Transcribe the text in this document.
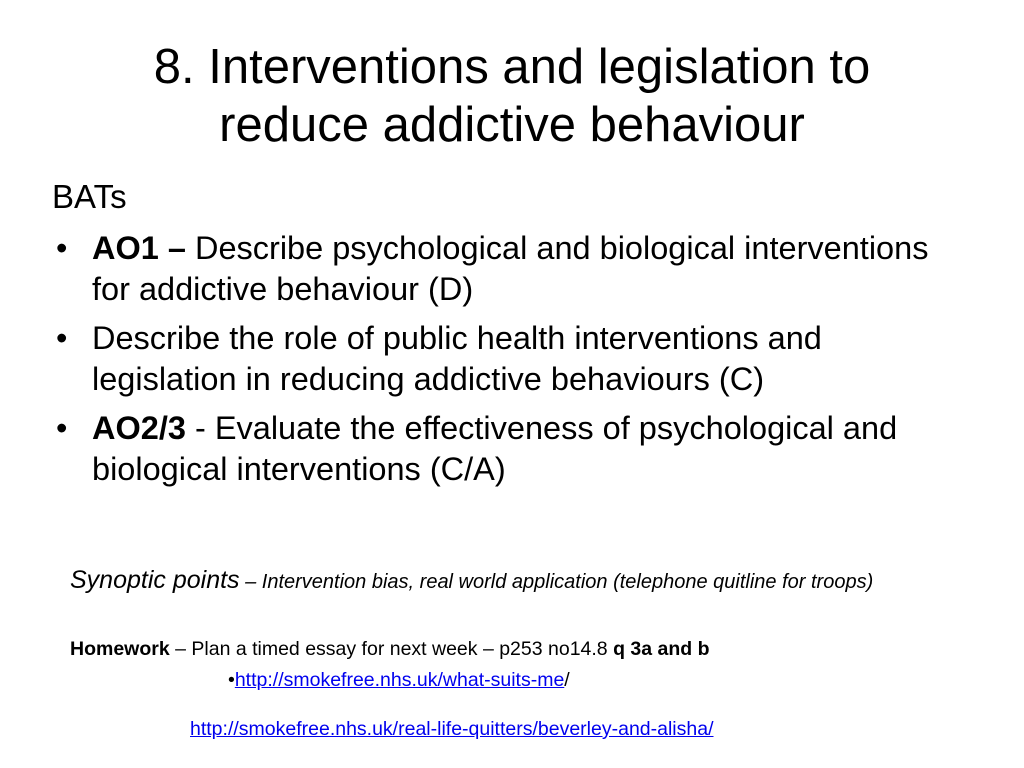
8. Interventions and legislation to
reduce addictive behaviour
BATs
• AO1 – Describe psychological and biological interventions for addictive behaviour (D)
• Describe the role of public health interventions and legislation in reducing addictive behaviours (C)
• AO2/3 - Evaluate the effectiveness of psychological and biological interventions (C/A)
Synoptic points – Intervention bias, real world application (telephone quitline for troops)
Homework – Plan a timed essay for next week – p253 no14.8 q 3a and b
•http://smokefree.nhs.uk/what-suits-me/
http://smokefree.nhs.uk/real-life-quitters/beverley-and-alisha/
